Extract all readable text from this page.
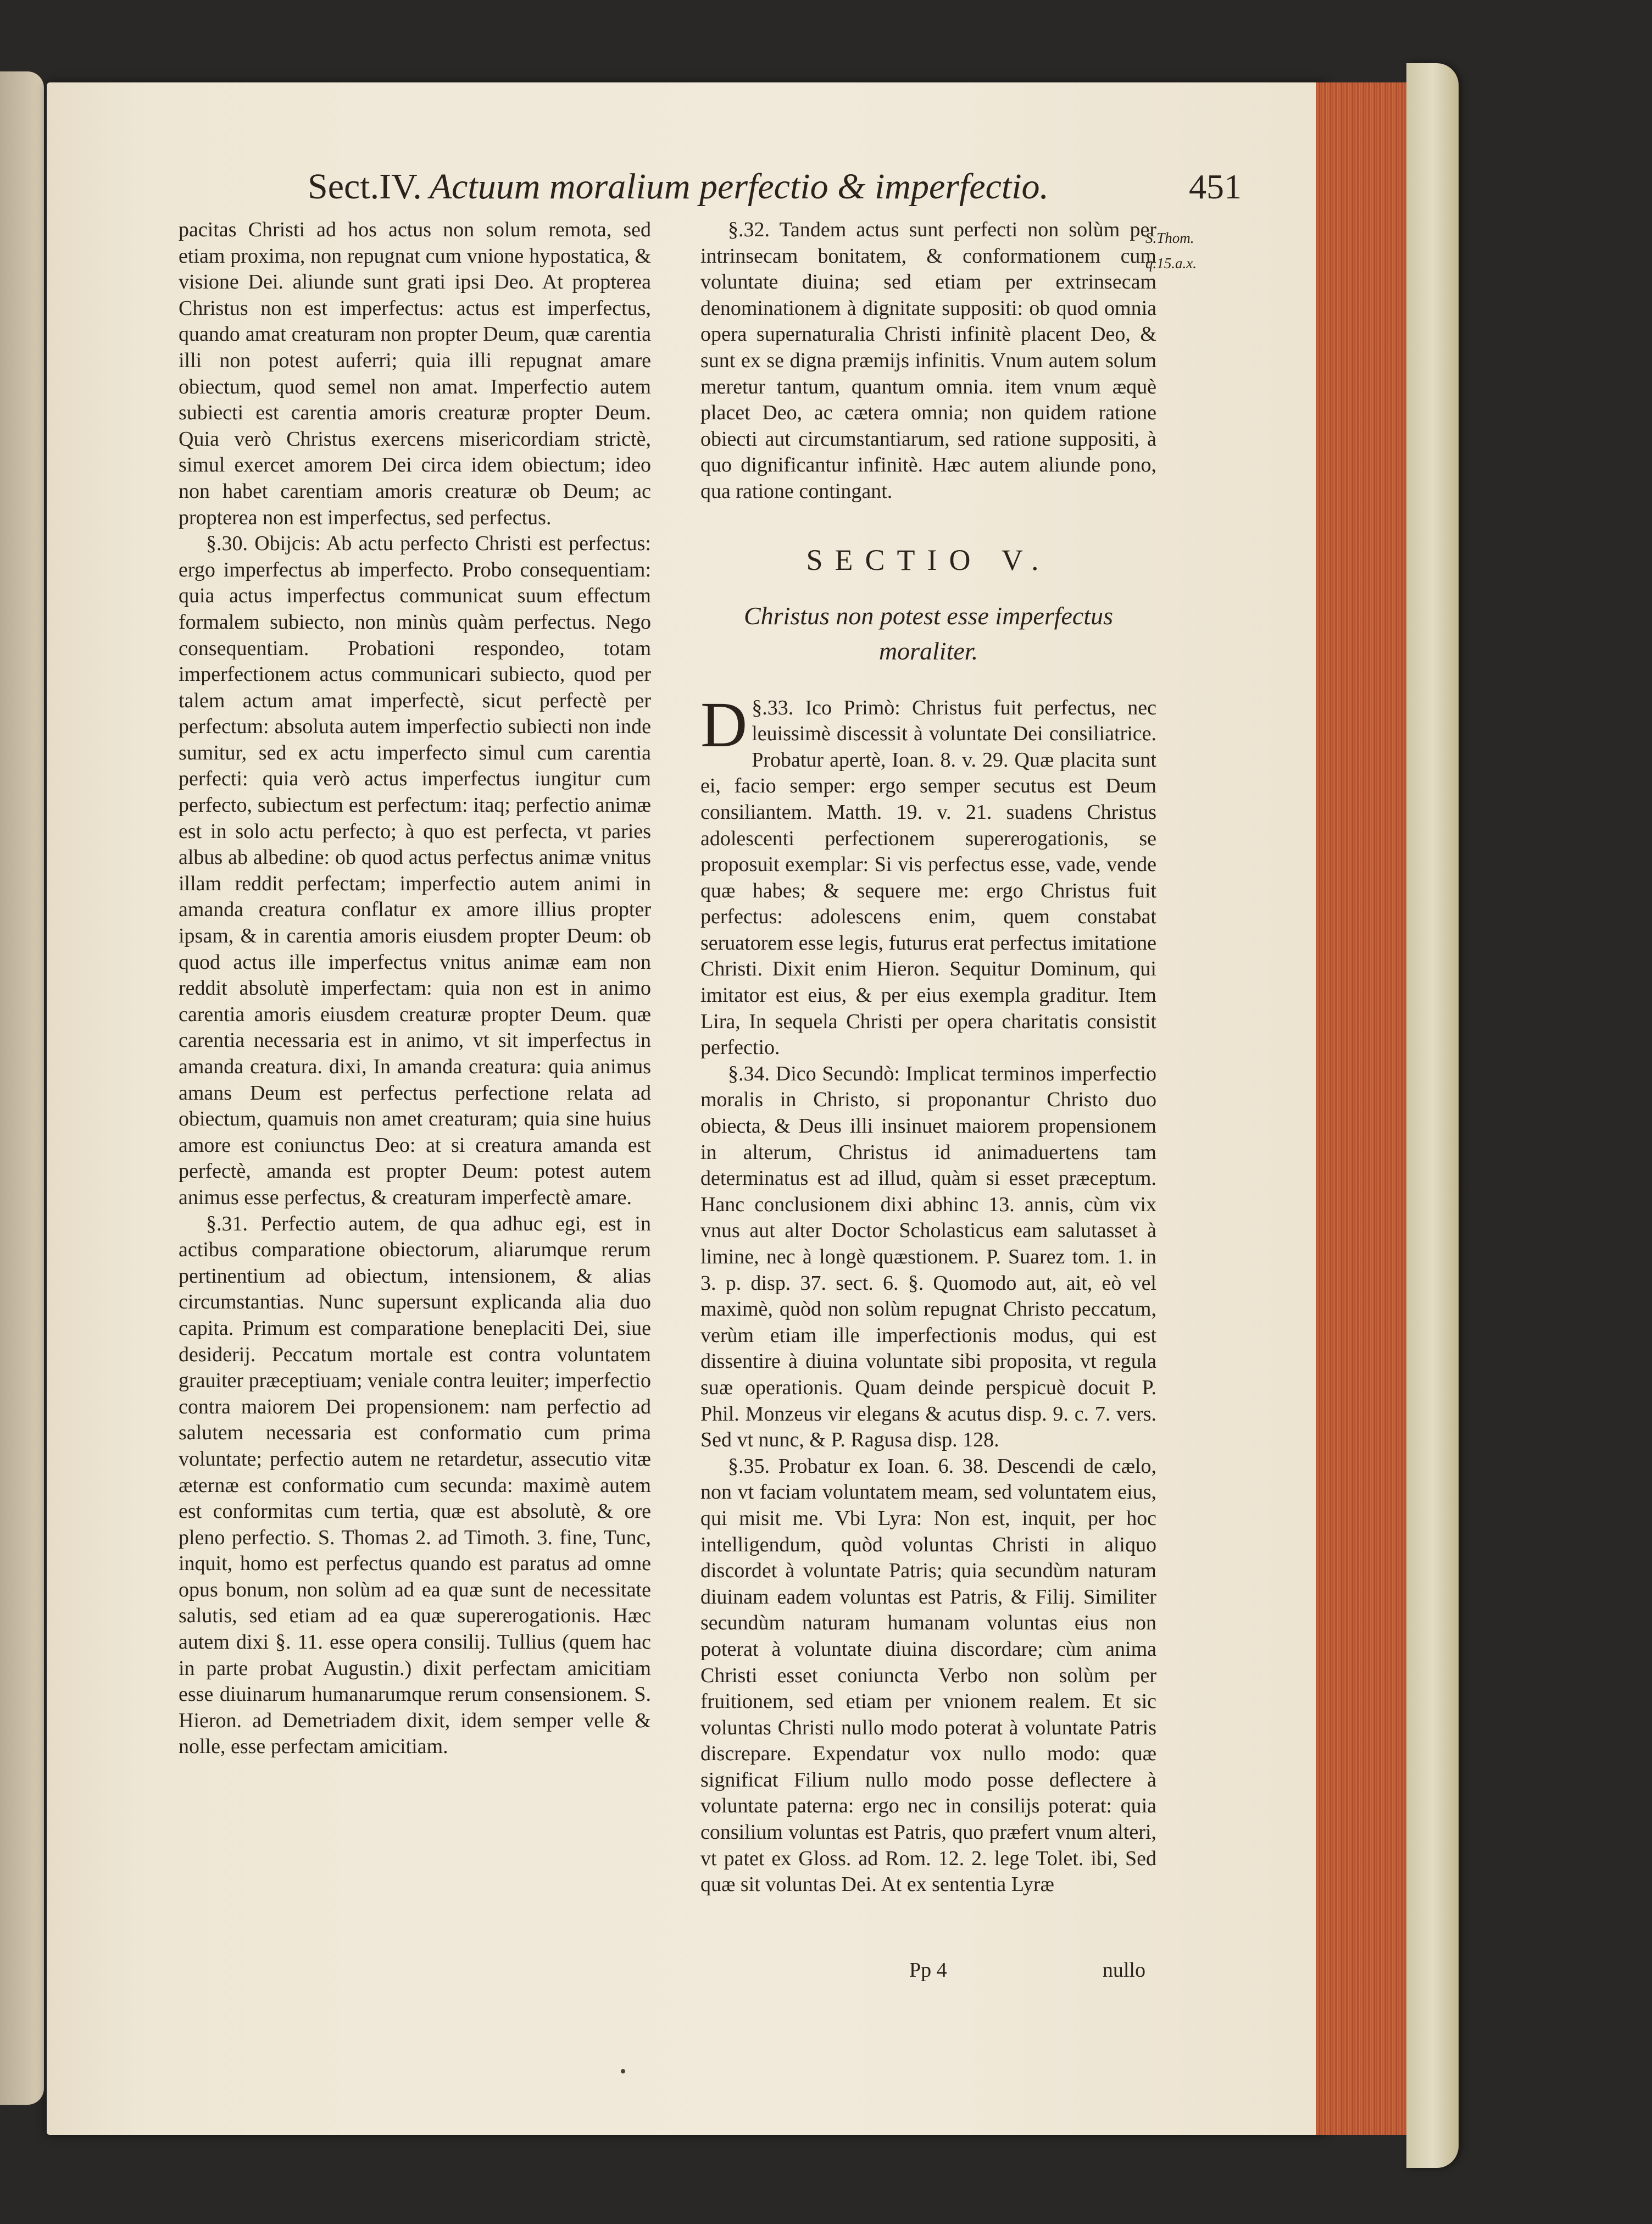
Sect.IV. Actuum moralium perfectio & imperfectio.	451

pacitas Christi ad hos actus non solum remota, sed etiam proxima, non repugnat cum vnione hypostatica, & visione Dei. aliunde sunt grati ipsi Deo. At propterea Christus non est imperfectus: actus est imperfectus, quando amat creaturam non propter Deum, quæ carentia illi non potest auferri; quia illi repugnat amare obiectum, quod semel non amat. Imperfectio autem subiecti est carentia amoris creaturæ propter Deum. Quia verò Christus exercens misericordiam strictè, simul exercet amorem Dei circa idem obiectum; ideo non habet carentiam amoris creaturæ ob Deum; ac propterea non est imperfectus, sed perfectus.

§.30. Obijcis: Ab actu perfecto Christi est perfectus: ergo imperfectus ab imperfecto. Probo consequentiam: quia actus imperfectus communicat suum effectum formalem subiecto, non minùs quàm perfectus. Nego consequentiam. Probationi respondeo, totam imperfectionem actus communicari subiecto, quod per talem actum amat imperfectè, sicut perfectè per perfectum: absoluta autem imperfectio subiecti non inde sumitur, sed ex actu imperfecto simul cum carentia perfecti: quia verò actus imperfectus iungitur cum perfecto, subiectum est perfectum: itaq; perfectio animæ est in solo actu perfecto; à quo est perfecta, vt paries albus ab albedine: ob quod actus perfectus animæ vnitus illam reddit perfectam; imperfectio autem animi in amanda creatura conflatur ex amore illius propter ipsam, & in carentia amoris eiusdem propter Deum: ob quod actus ille imperfectus vnitus animæ eam non reddit absolutè imperfectam: quia non est in animo carentia amoris eiusdem creaturæ propter Deum. quæ carentia necessaria est in animo, vt sit imperfectus in amanda creatura. dixi, In amanda creatura: quia animus amans Deum est perfectus perfectione relata ad obiectum, quamuis non amet creaturam; quia sine huius amore est coniunctus Deo: at si creatura amanda est perfectè, amanda est propter Deum: potest autem animus esse perfectus, & creaturam imperfectè amare.

§.31. Perfectio autem, de qua adhuc egi, est in actibus comparatione obiectorum, aliarumque rerum pertinentium ad obiectum, intensionem, & alias circumstantias. Nunc supersunt explicanda alia duo capita. Primum est comparatione beneplaciti Dei, siue desiderij. Peccatum mortale est contra voluntatem grauiter præceptiuam; veniale contra leuiter; imperfectio contra maiorem Dei propensionem: nam perfectio ad salutem necessaria est conformatio cum prima voluntate; perfectio autem ne retardetur, assecutio vitæ æternæ est conformatio cum secunda: maximè autem est conformitas cum tertia, quæ est absolutè, & ore pleno perfectio. S. Thomas 2. ad Timoth. 3. fine, Tunc, inquit, homo est perfectus quando est paratus ad omne opus bonum, non solùm ad ea quæ sunt de necessitate salutis, sed etiam ad ea quæ supererogationis. Hæc autem dixi §. 11. esse opera consilij. Tullius (quem hac in parte probat Augustin.) dixit perfectam amicitiam esse diuinarum humanarumque rerum consensionem. S. Hieron. ad Demetriadem dixit, idem semper velle & nolle, esse perfectam amicitiam.

S.Thom. q.15.a.x.

§.32. Tandem actus sunt perfecti non solùm per intrinsecam bonitatem, & conformationem cum voluntate diuina; sed etiam per extrinsecam denominationem à dignitate suppositi: ob quod omnia opera supernaturalia Christi infinitè placent Deo, & sunt ex se digna præmijs infinitis. Vnum autem solum meretur tantum, quantum omnia. item vnum æquè placet Deo, ac cætera omnia; non quidem ratione obiecti aut circumstantiarum, sed ratione suppositi, à quo dignificantur infinitè. Hæc autem aliunde pono, qua ratione contingant.

SECTIO V.
Christus non potest esse imperfectus moraliter.

§.33.
D	Ico Primò: Christus fuit perfectus, nec leuissimè discessit à voluntate Dei consiliatrice. Probatur apertè, Ioan. 8. v. 29. Quæ placita sunt ei, facio semper: ergo semper secutus est Deum consiliantem. Matth. 19. v. 21. suadens Christus adolescenti perfectionem supererogationis, se proposuit exemplar: Si vis perfectus esse, vade, vende quæ habes; & sequere me: ergo Christus fuit perfectus: adolescens enim, quem constabat seruatorem esse legis, futurus erat perfectus imitatione Christi. Dixit enim Hieron. Sequitur Dominum, qui imitator est eius, & per eius exempla graditur. Item Lira, In sequela Christi per opera charitatis consistit perfectio.

§.34. Dico Secundò: Implicat terminos imperfectio moralis in Christo, si proponantur Christo duo obiecta, & Deus illi insinuet maiorem propensionem in alterum, Christus id animaduertens tam determinatus est ad illud, quàm si esset præceptum. Hanc conclusionem dixi abhinc 13. annis, cùm vix vnus aut alter Doctor Scholasticus eam salutasset à limine, nec à longè quæstionem. P. Suarez tom. 1. in 3. p. disp. 37. sect. 6. §. Quomodo aut, ait, eò vel maximè, quòd non solùm repugnat Christo peccatum, verùm etiam ille imperfectionis modus, qui est dissentire à diuina voluntate sibi proposita, vt regula suæ operationis. Quam deinde perspicuè docuit P. Phil. Monzeus vir elegans & acutus disp. 9. c. 7. vers. Sed vt nunc, & P. Ragusa disp. 128.

§.35. Probatur ex Ioan. 6. 38. Descendi de cælo, non vt faciam voluntatem meam, sed voluntatem eius, qui misit me. Vbi Lyra: Non est, inquit, per hoc intelligendum, quòd voluntas Christi in aliquo discordet à voluntate Patris; quia secundùm naturam diuinam eadem voluntas est Patris, & Filij. Similiter secundùm naturam humanam voluntas eius non poterat à voluntate diuina discordare; cùm anima Christi esset coniuncta Verbo non solùm per fruitionem, sed etiam per vnionem realem. Et sic voluntas Christi nullo modo poterat à voluntate Patris discrepare. Expendatur vox nullo modo: quæ significat Filium nullo modo posse deflectere à voluntate paterna: ergo nec in consilijs poterat: quia consilium voluntas est Patris, quo præfert vnum alteri, vt patet ex Gloss. ad Rom. 12. 2. lege Tolet. ibi, Sed quæ sit voluntas Dei. At ex sententia Lyræ

Pp 4	nullo
